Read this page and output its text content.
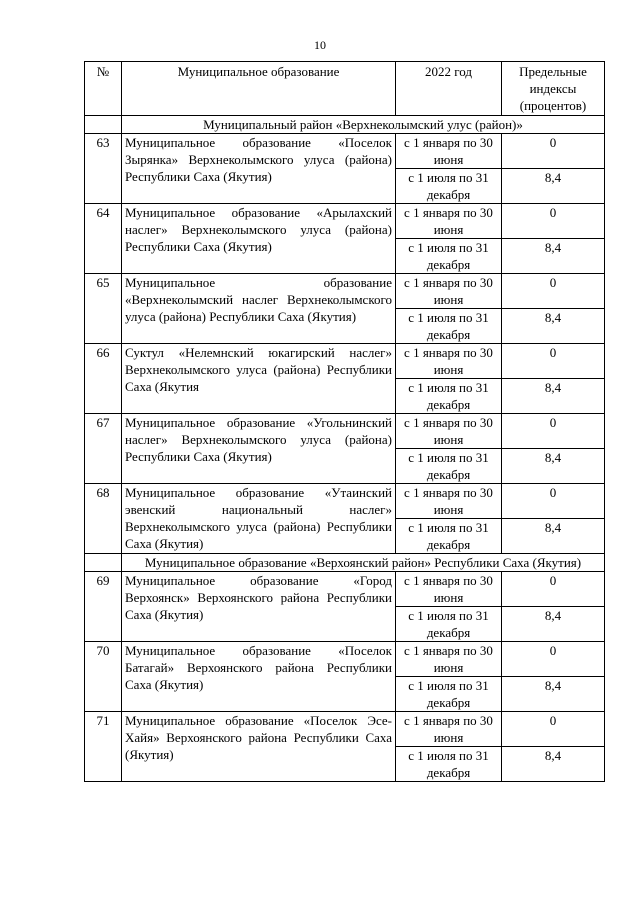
10
№	Муниципальное образование	2022 год	Предельные индексы (процентов)
	Муниципальный район «Верхнеколымский улус (район)»		
63	Муниципальное образование «Поселок Зырянка» Верхнеколымского улуса (района) Республики Саха (Якутия)	с 1 января по 30 июня	0
		с 1 июля по 31 декабря	8,4
64	Муниципальное образование «Арылахский наслег» Верхнеколымского улуса (района) Республики Саха (Якутия)	с 1 января по 30 июня	0
		с 1 июля по 31 декабря	8,4
65	Муниципальное образование «Верхнеколымский наслег Верхнеколымского улуса (района) Республики Саха (Якутия)	с 1 января по 30 июня	0
		с 1 июля по 31 декабря	8,4
66	Суктул «Нелемнский юкагирский наслег» Верхнеколымского улуса (района) Республики Саха (Якутия	с 1 января по 30 июня	0
		с 1 июля по 31 декабря	8,4
67	Муниципальное образование «Угольнинский наслег» Верхнеколымского улуса (района) Республики Саха (Якутия)	с 1 января по 30 июня	0
		с 1 июля по 31 декабря	8,4
68	Муниципальное образование «Утаинский эвенский национальный наслег» Верхнеколымского улуса (района) Республики Саха (Якутия)	с 1 января по 30 июня	0
		с 1 июля по 31 декабря	8,4
	Муниципальное образование «Верхоянский район» Республики Саха (Якутия)		
69	Муниципальное образование «Город Верхоянск» Верхоянского района Республики Саха (Якутия)	с 1 января по 30 июня	0
		с 1 июля по 31 декабря	8,4
70	Муниципальное образование «Поселок Батагай» Верхоянского района Республики Саха (Якутия)	с 1 января по 30 июня	0
		с 1 июля по 31 декабря	8,4
71	Муниципальное образование «Поселок Эсе-Хайя» Верхоянского района Республики Саха (Якутия)	с 1 января по 30 июня	0
		с 1 июля по 31 декабря	8,4
